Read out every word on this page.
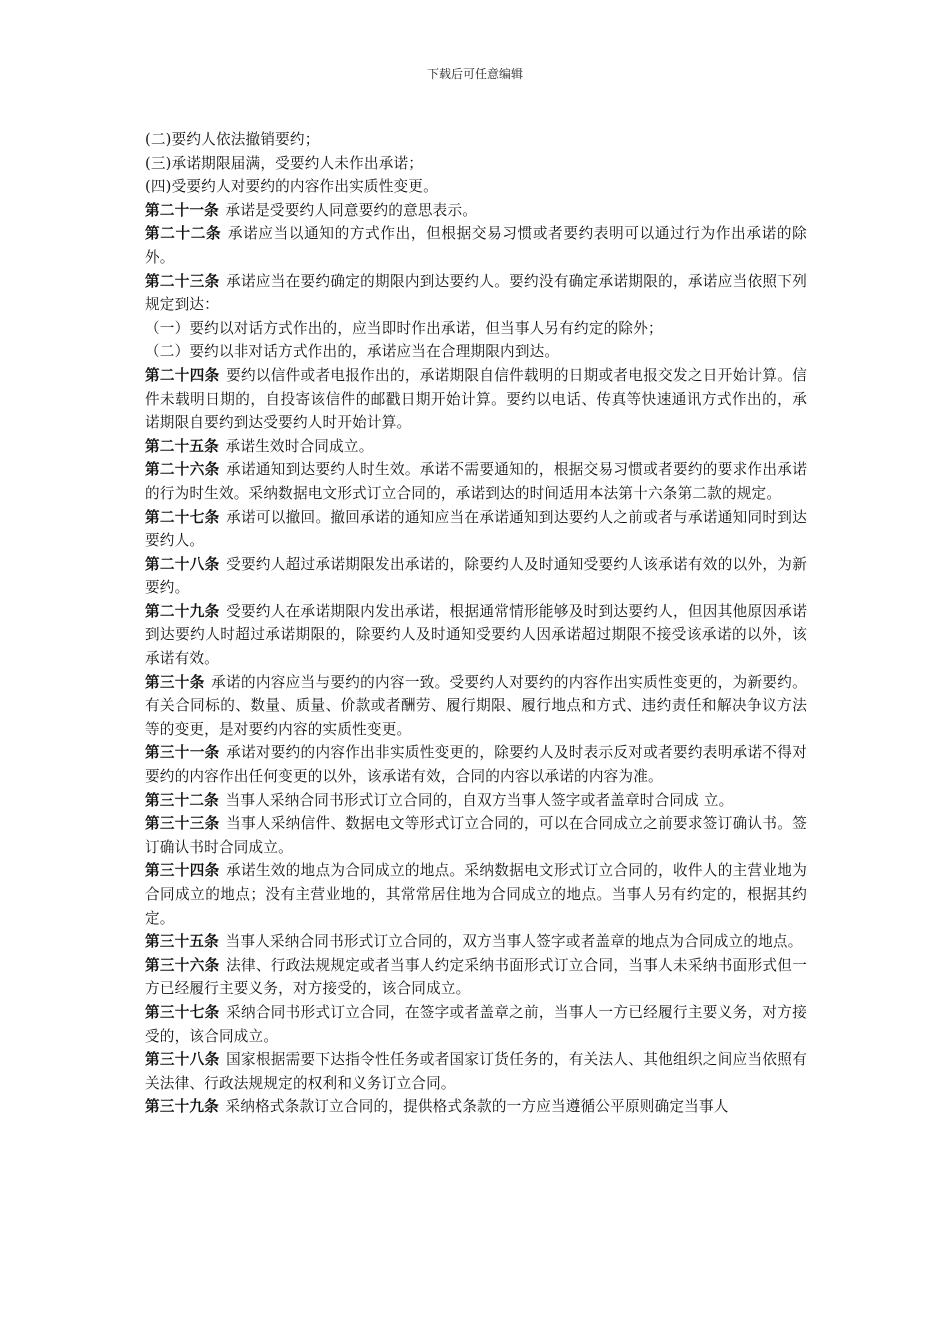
下载后可任意编辑

(二)要约人依法撤销要约；

(三)承诺期限届满，受要约人未作出承诺；

(四)受要约人对要约的内容作出实质性变更。

第二十一条 承诺是受要约人同意要约的意思表示。

第二十二条 承诺应当以通知的方式作出，但根据交易习惯或者要约表明可以通过行为作出承诺的除外。

第二十三条 承诺应当在要约确定的期限内到达要约人。要约没有确定承诺期限的，承诺应当依照下列规定到达：

（一）要约以对话方式作出的，应当即时作出承诺，但当事人另有约定的除外；

（二）要约以非对话方式作出的，承诺应当在合理期限内到达。

第二十四条 要约以信件或者电报作出的，承诺期限自信件载明的日期或者电报交发之日开始计算。信件未载明日期的，自投寄该信件的邮戳日期开始计算。要约以电话、传真等快速通讯方式作出的，承诺期限自要约到达受要约人时开始计算。

第二十五条 承诺生效时合同成立。

第二十六条 承诺通知到达要约人时生效。承诺不需要通知的，根据交易习惯或者要约的要求作出承诺的行为时生效。采纳数据电文形式订立合同的，承诺到达的时间适用本法第十六条第二款的规定。

第二十七条 承诺可以撤回。撤回承诺的通知应当在承诺通知到达要约人之前或者与承诺通知同时到达要约人。

第二十八条 受要约人超过承诺期限发出承诺的，除要约人及时通知受要约人该承诺有效的以外，为新要约。

第二十九条 受要约人在承诺期限内发出承诺，根据通常情形能够及时到达要约人，但因其他原因承诺到达要约人时超过承诺期限的，除要约人及时通知受要约人因承诺超过期限不接受该承诺的以外，该承诺有效。

第三十条 承诺的内容应当与要约的内容一致。受要约人对要约的内容作出实质性变更的，为新要约。有关合同标的、数量、质量、价款或者酬劳、履行期限、履行地点和方式、违约责任和解决争议方法等的变更，是对要约内容的实质性变更。

第三十一条 承诺对要约的内容作出非实质性变更的，除要约人及时表示反对或者要约表明承诺不得对要约的内容作出任何变更的以外，该承诺有效，合同的内容以承诺的内容为准。

第三十二条 当事人采纳合同书形式订立合同的，自双方当事人签字或者盖章时合同成 立。

第三十三条 当事人采纳信件、数据电文等形式订立合同的，可以在合同成立之前要求签订确认书。签订确认书时合同成立。

第三十四条 承诺生效的地点为合同成立的地点。采纳数据电文形式订立合同的，收件人的主营业地为合同成立的地点；没有主营业地的，其常常居住地为合同成立的地点。当事人另有约定的，根据其约定。

第三十五条 当事人采纳合同书形式订立合同的，双方当事人签字或者盖章的地点为合同成立的地点。

第三十六条 法律、行政法规规定或者当事人约定采纳书面形式订立合同，当事人未采纳书面形式但一方已经履行主要义务，对方接受的，该合同成立。

第三十七条 采纳合同书形式订立合同，在签字或者盖章之前，当事人一方已经履行主要义务，对方接受的，该合同成立。

第三十八条 国家根据需要下达指令性任务或者国家订货任务的，有关法人、其他组织之间应当依照有关法律、行政法规规定的权利和义务订立合同。

第三十九条 采纳格式条款订立合同的，提供格式条款的一方应当遵循公平原则确定当事人
